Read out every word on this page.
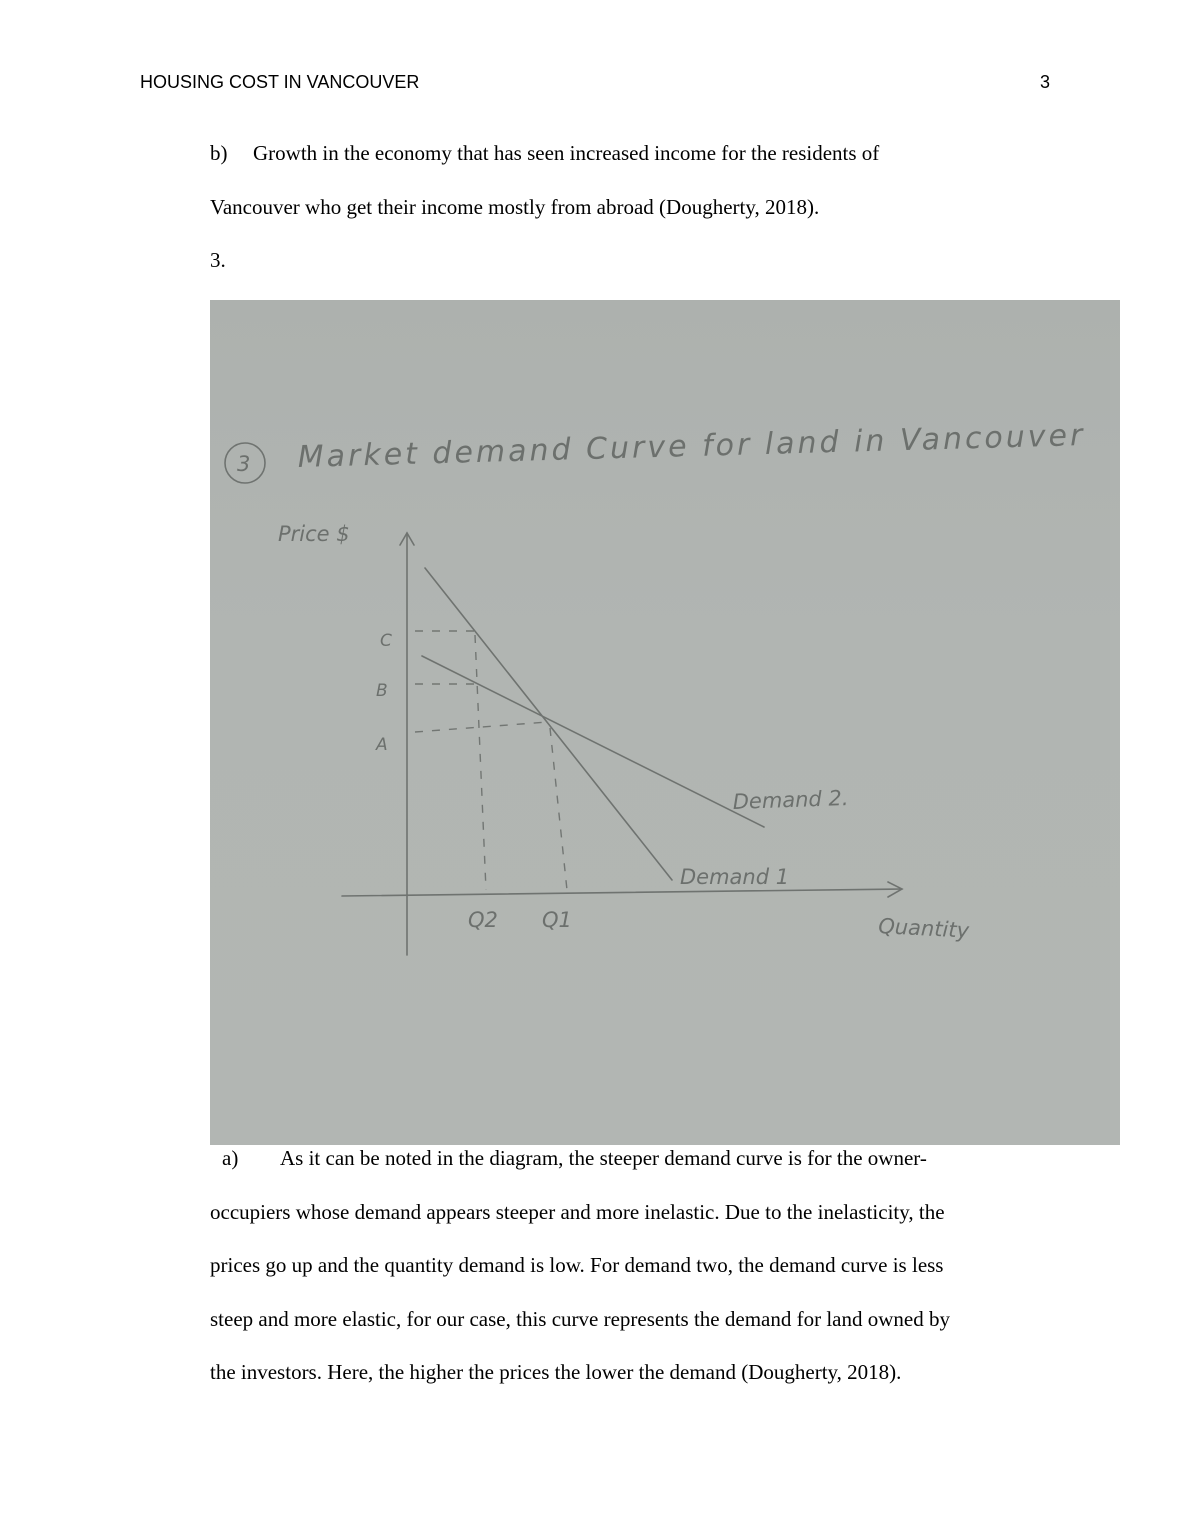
HOUSING COST IN VANCOUVER	3
b) Growth in the economy that has seen increased income for the residents of
Vancouver who get their income mostly from abroad (Dougherty, 2018).
3.
3 Market demand Curve for land in Vancouver
Price $
Quantity
Demand 1
Demand 2.
C
B
A
Q2 Q1
a) As it can be noted in the diagram, the steeper demand curve is for the owner-
occupiers whose demand appears steeper and more inelastic. Due to the inelasticity, the
prices go up and the quantity demand is low. For demand two, the demand curve is less
steep and more elastic, for our case, this curve represents the demand for land owned by
the investors. Here, the higher the prices the lower the demand (Dougherty, 2018).
